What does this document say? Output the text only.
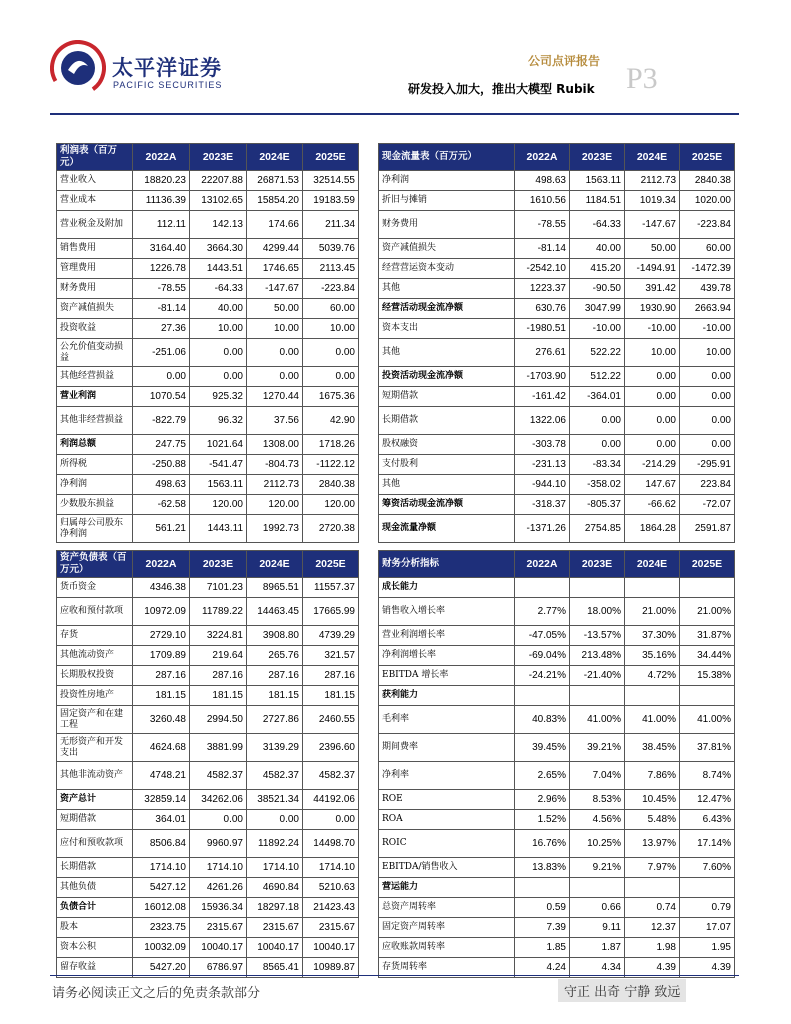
太平洋证券
PACIFIC SECURITIES
公司点评报告
研发投入加大，推出大模型 Rubik P3
利润表（百万元）	2022A	2023E	2024E	2025E
营业收入	18820.23	22207.88	26871.53	32514.55
营业成本	11136.39	13102.65	15854.20	19183.59
营业税金及附加	112.11	142.13	174.66	211.34
销售费用	3164.40	3664.30	4299.44	5039.76
管理费用	1226.78	1443.51	1746.65	2113.45
财务费用	-78.55	-64.33	-147.67	-223.84
资产减值损失	-81.14	40.00	50.00	60.00
投资收益	27.36	10.00	10.00	10.00
公允价值变动损益	-251.06	0.00	0.00	0.00
其他经营损益	0.00	0.00	0.00	0.00
营业利润	1070.54	925.32	1270.44	1675.36
其他非经营损益	-822.79	96.32	37.56	42.90
利润总额	247.75	1021.64	1308.00	1718.26
所得税	-250.88	-541.47	-804.73	-1122.12
净利润	498.63	1563.11	2112.73	2840.38
少数股东损益	-62.58	120.00	120.00	120.00
归属母公司股东净利润	561.21	1443.11	1992.73	2720.38
现金流量表（百万元）	2022A	2023E	2024E	2025E
净利润	498.63	1563.11	2112.73	2840.38
折旧与摊销	1610.56	1184.51	1019.34	1020.00
财务费用	-78.55	-64.33	-147.67	-223.84
资产减值损失	-81.14	40.00	50.00	60.00
经营营运资本变动	-2542.10	415.20	-1494.91	-1472.39
其他	1223.37	-90.50	391.42	439.78
经营活动现金流净额	630.76	3047.99	1930.90	2663.94
资本支出	-1980.51	-10.00	-10.00	-10.00
其他	276.61	522.22	10.00	10.00
投资活动现金流净额	-1703.90	512.22	0.00	0.00
短期借款	-161.42	-364.01	0.00	0.00
长期借款	1322.06	0.00	0.00	0.00
股权融资	-303.78	0.00	0.00	0.00
支付股利	-231.13	-83.34	-214.29	-295.91
其他	-944.10	-358.02	147.67	223.84
筹资活动现金流净额	-318.37	-805.37	-66.62	-72.07
现金流量净额	-1371.26	2754.85	1864.28	2591.87
资产负债表（百万元）	2022A	2023E	2024E	2025E
货币资金	4346.38	7101.23	8965.51	11557.37
应收和预付款项	10972.09	11789.22	14463.45	17665.99
存货	2729.10	3224.81	3908.80	4739.29
其他流动资产	1709.89	219.64	265.76	321.57
长期股权投资	287.16	287.16	287.16	287.16
投资性房地产	181.15	181.15	181.15	181.15
固定资产和在建工程	3260.48	2994.50	2727.86	2460.55
无形资产和开发支出	4624.68	3881.99	3139.29	2396.60
其他非流动资产	4748.21	4582.37	4582.37	4582.37
资产总计	32859.14	34262.06	38521.34	44192.06
短期借款	364.01	0.00	0.00	0.00
应付和预收款项	8506.84	9960.97	11892.24	14498.70
长期借款	1714.10	1714.10	1714.10	1714.10
其他负债	5427.12	4261.26	4690.84	5210.63
负债合计	16012.08	15936.34	18297.18	21423.43
股本	2323.75	2315.67	2315.67	2315.67
资本公积	10032.09	10040.17	10040.17	10040.17
留存收益	5427.20	6786.97	8565.41	10989.87
财务分析指标	2022A	2023E	2024E	2025E
成长能力				
销售收入增长率	2.77%	18.00%	21.00%	21.00%
营业利润增长率	-47.05%	-13.57%	37.30%	31.87%
净利润增长率	-69.04%	213.48%	35.16%	34.44%
EBITDA 增长率	-24.21%	-21.40%	4.72%	15.38%
获利能力				
毛利率	40.83%	41.00%	41.00%	41.00%
期间费率	39.45%	39.21%	38.45%	37.81%
净利率	2.65%	7.04%	7.86%	8.74%
ROE	2.96%	8.53%	10.45%	12.47%
ROA	1.52%	4.56%	5.48%	6.43%
ROIC	16.76%	10.25%	13.97%	17.14%
EBITDA/销售收入	13.83%	9.21%	7.97%	7.60%
营运能力				
总资产周转率	0.59	0.66	0.74	0.79
固定资产周转率	7.39	9.11	12.37	17.07
应收账款周转率	1.85	1.87	1.98	1.95
存货周转率	4.24	4.34	4.39	4.39
请务必阅读正文之后的免责条款部分	守正 出奇 宁静 致远
